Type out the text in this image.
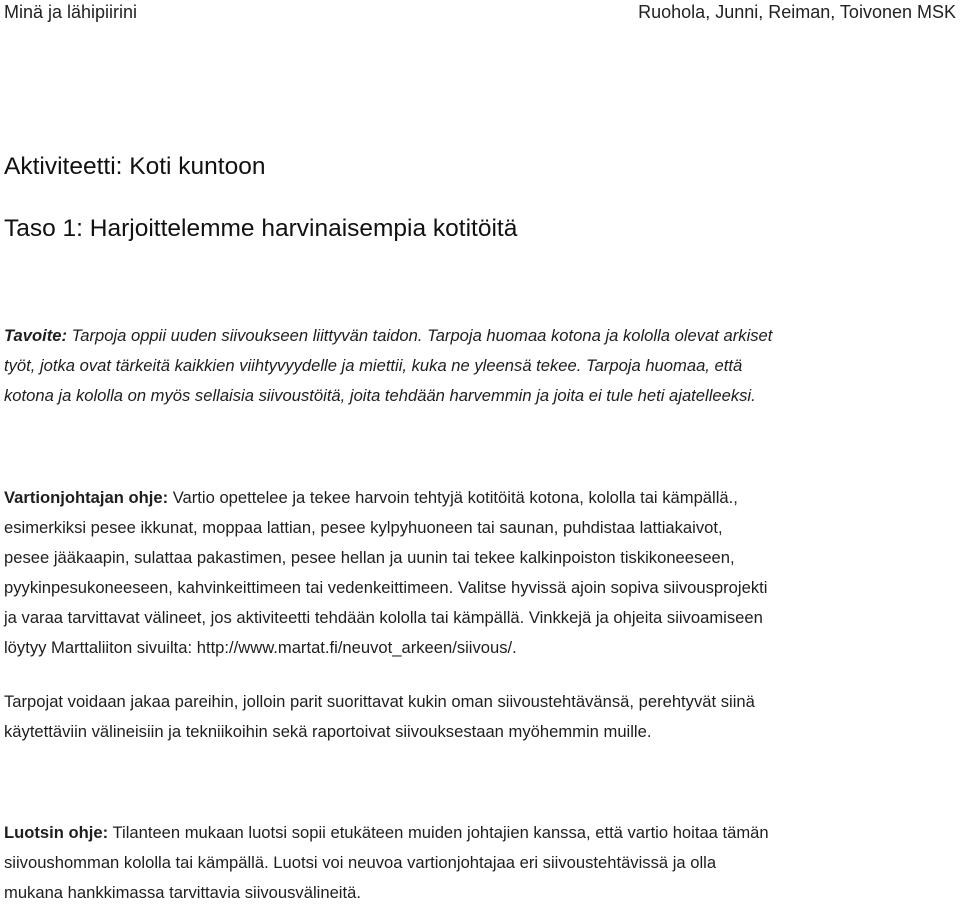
Minä ja lähipiirini	Ruohola, Junni, Reiman, Toivonen MSK
Aktiviteetti: Koti kuntoon
Taso 1: Harjoittelemme harvinaisempia kotitöitä

Tavoite: Tarpoja oppii uuden siivoukseen liittyvän taidon. Tarpoja huomaa kotona ja kololla olevat arkiset
työt, jotka ovat tärkeitä kaikkien viihtyvyydelle ja miettii, kuka ne yleensä tekee. Tarpoja huomaa, että
kotona ja kololla on myös sellaisia siivoustöitä, joita tehdään harvemmin ja joita ei tule heti ajatelleeksi.

Vartionjohtajan ohje: Vartio opettelee ja tekee harvoin tehtyjä kotitöitä kotona, kololla tai kämpällä.,
esimerkiksi pesee ikkunat, moppaa lattian, pesee kylpyhuoneen tai saunan, puhdistaa lattiakaivot,
pesee jääkaapin, sulattaa pakastimen, pesee hellan ja uunin tai tekee kalkinpoiston tiskikoneeseen,
pyykinpesukoneeseen, kahvinkeittimeen tai vedenkeittimeen. Valitse hyvissä ajoin sopiva siivousprojekti
ja varaa tarvittavat välineet, jos aktiviteetti tehdään kololla tai kämpällä. Vinkkejä ja ohjeita siivoamiseen
löytyy Marttaliiton sivuilta: http://www.martat.fi/neuvot_arkeen/siivous/.

Tarpojat voidaan jakaa pareihin, jolloin parit suorittavat kukin oman siivoustehtävänsä, perehtyvät siinä
käytettäviin välineisiin ja tekniikoihin sekä raportoivat siivouksestaan myöhemmin muille.

Luotsin ohje: Tilanteen mukaan luotsi sopii etukäteen muiden johtajien kanssa, että vartio hoitaa tämän
siivoushomman kololla tai kämpällä. Luotsi voi neuvoa vartionjohtajaa eri siivoustehtävissä ja olla
mukana hankkimassa tarvittavia siivousvälineitä.
